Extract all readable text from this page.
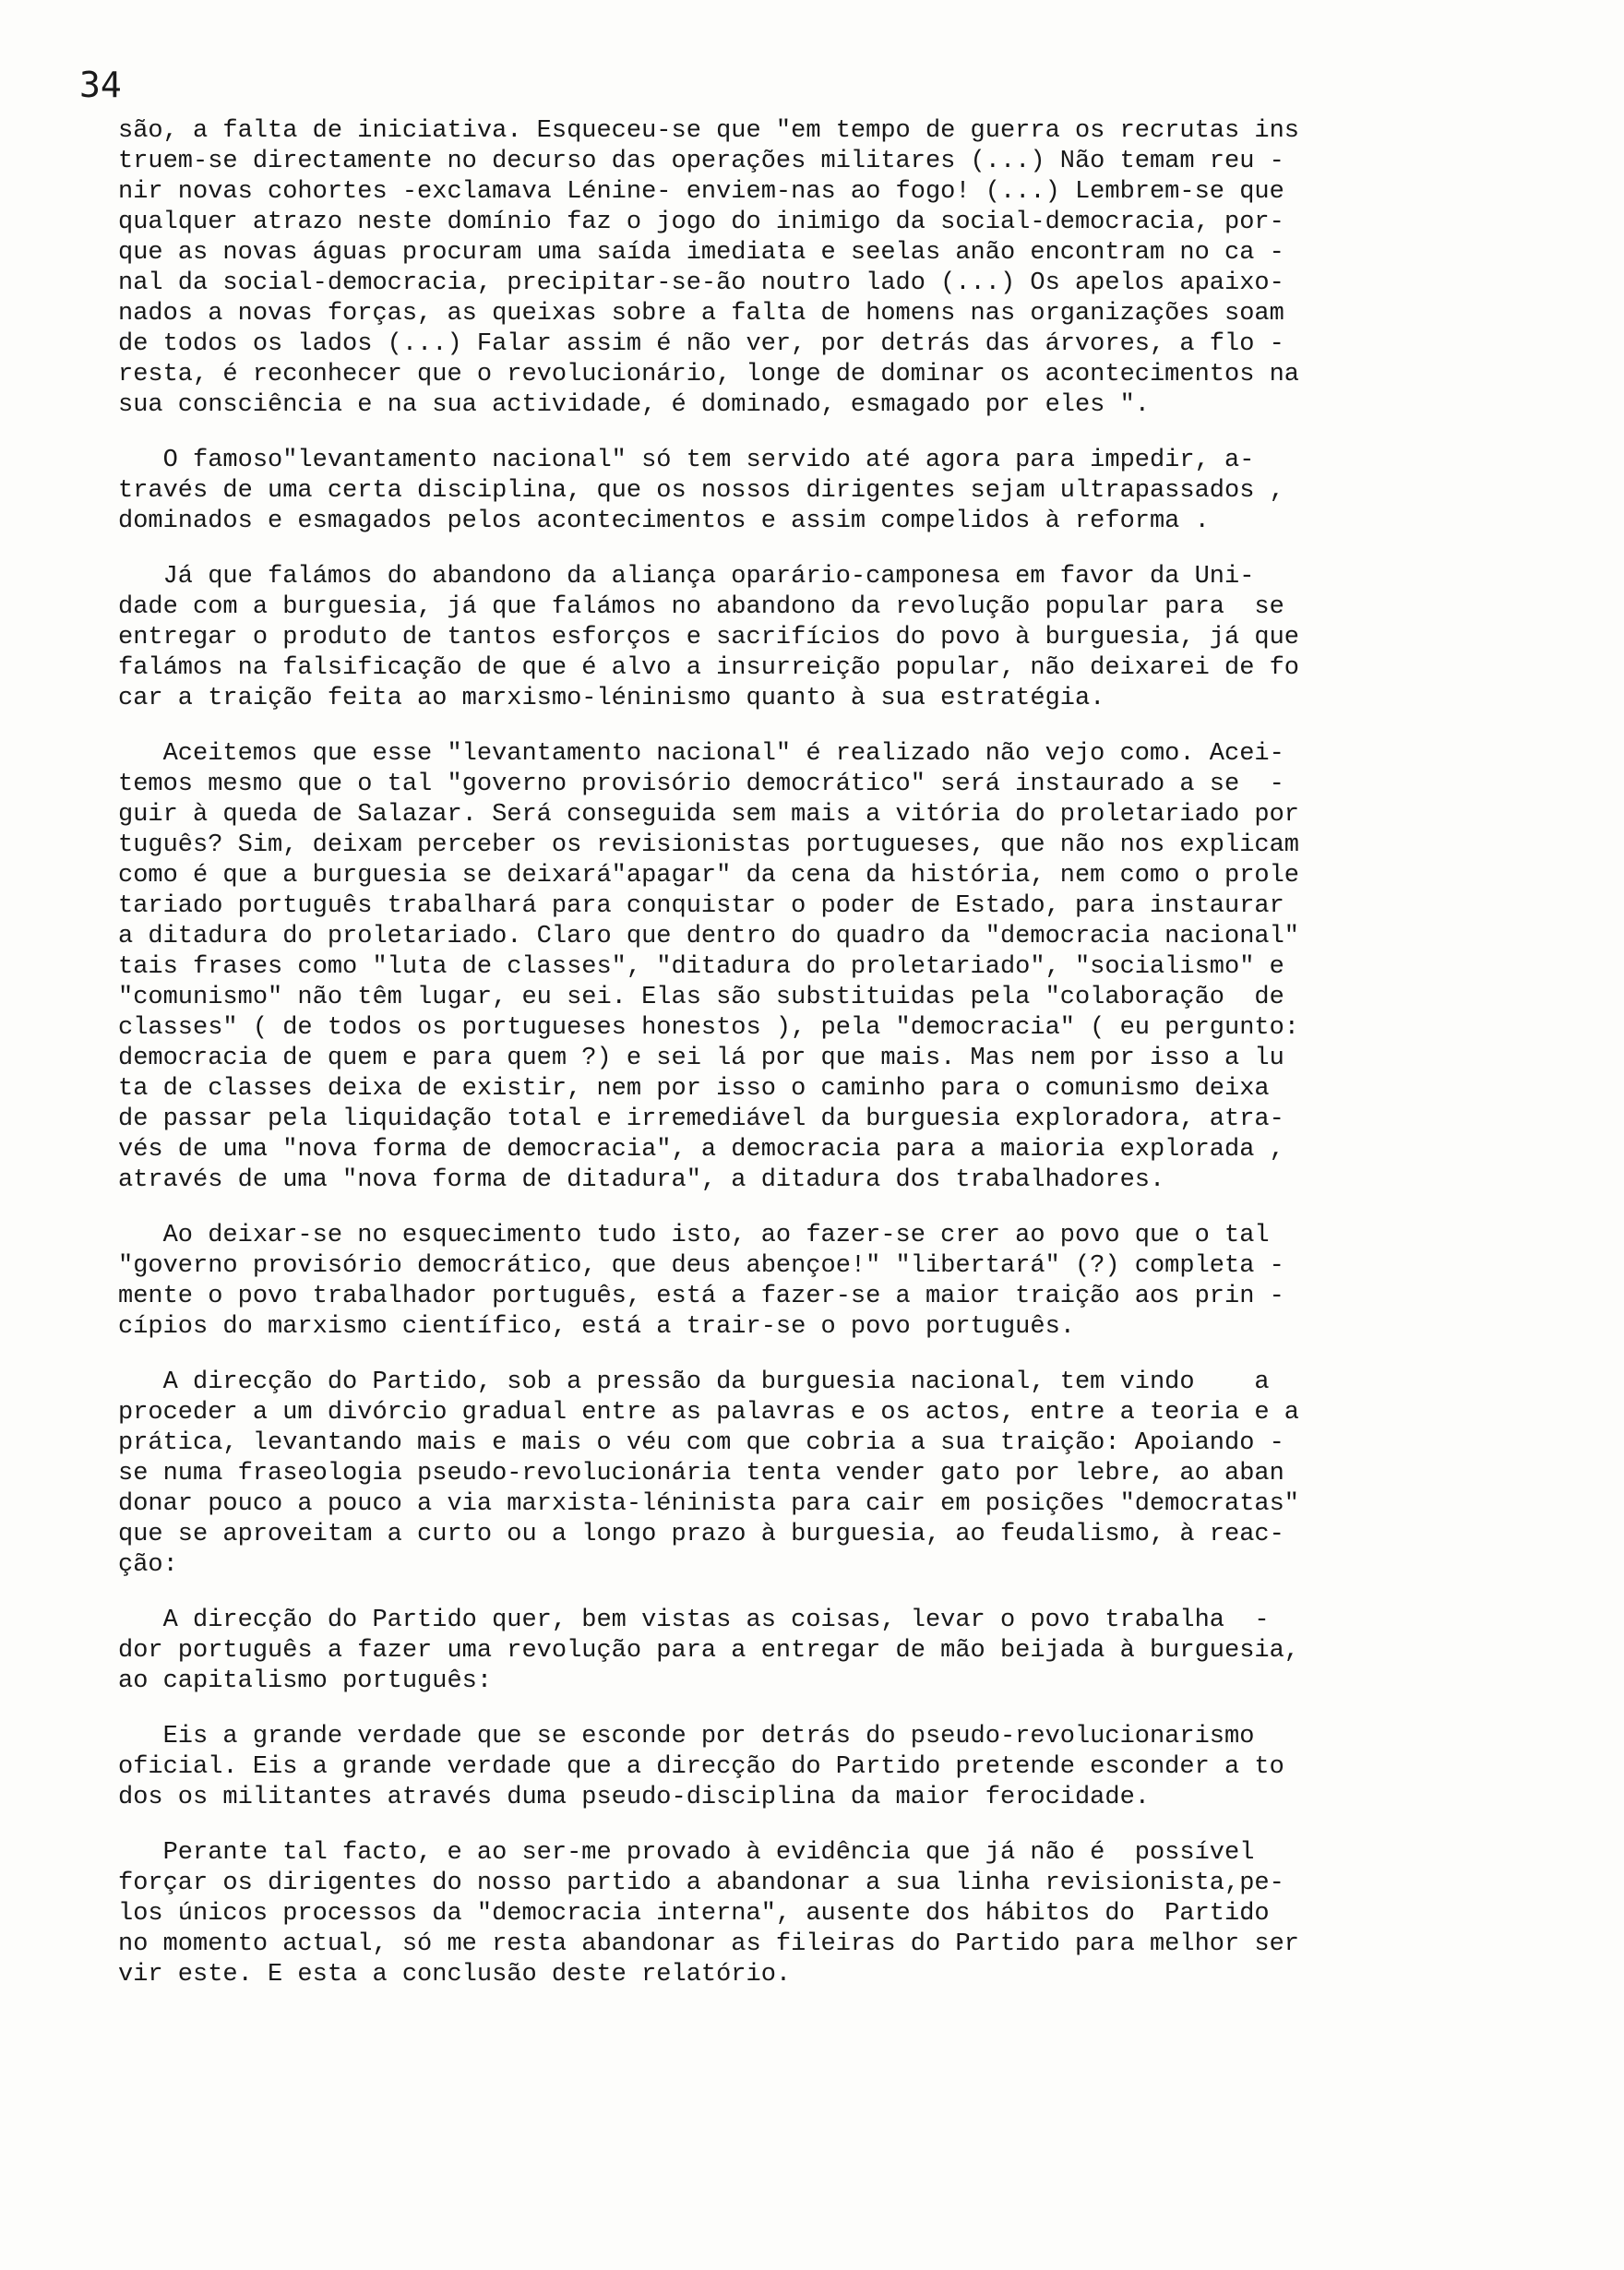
34
são, a falta de iniciativa. Esqueceu-se que "em tempo de guerra os recrutas ins
truem-se directamente no decurso das operações militares (...) Não temam reu -
nir novas cohortes -exclamava Lénine- enviem-nas ao fogo! (...) Lembrem-se que
qualquer atrazo neste domínio faz o jogo do inimigo da social-democracia, por-
que as novas águas procuram uma saída imediata e seelas anão encontram no ca -
nal da social-democracia, precipitar-se-ão noutro lado (...) Os apelos apaixo-
nados a novas forças, as queixas sobre a falta de homens nas organizações soam
de todos os lados (...) Falar assim é não ver, por detrás das árvores, a flo -
resta, é reconhecer que o revolucionário, longe de dominar os acontecimentos na
sua consciência e na sua actividade, é dominado, esmagado por eles ".
O famoso"levantamento nacional" só tem servido até agora para impedir, a-
través de uma certa disciplina, que os nossos dirigentes sejam ultrapassados ,
dominados e esmagados pelos acontecimentos e assim compelidos à reforma .
Já que falámos do abandono da aliança oparário-camponesa em favor da Uni-
dade com a burguesia, já que falámos no abandono da revolução popular para  se
entregar o produto de tantos esforços e sacrifícios do povo à burguesia, já que
falámos na falsificação de que é alvo a insurreição popular, não deixarei de fo
car a traição feita ao marxismo-léninismo quanto à sua estratégia.
Aceitemos que esse "levantamento nacional" é realizado não vejo como. Acei-
temos mesmo que o tal "governo provisório democrático" será instaurado a se  -
guir à queda de Salazar. Será conseguida sem mais a vitória do proletariado por
tuguês? Sim, deixam perceber os revisionistas portugueses, que não nos explicam
como é que a burguesia se deixará"apagar" da cena da história, nem como o prole
tariado português trabalhará para conquistar o poder de Estado, para instaurar
a ditadura do proletariado. Claro que dentro do quadro da "democracia nacional"
tais frases como "luta de classes", "ditadura do proletariado", "socialismo" e
"comunismo" não têm lugar, eu sei. Elas são substituidas pela "colaboração  de
classes" ( de todos os portugueses honestos ), pela "democracia" ( eu pergunto:
democracia de quem e para quem ?) e sei lá por que mais. Mas nem por isso a lu
ta de classes deixa de existir, nem por isso o caminho para o comunismo deixa
de passar pela liquidação total e irremediável da burguesia exploradora, atra-
vés de uma "nova forma de democracia", a democracia para a maioria explorada ,
através de uma "nova forma de ditadura", a ditadura dos trabalhadores.
Ao deixar-se no esquecimento tudo isto, ao fazer-se crer ao povo que o tal
"governo provisório democrático, que deus abençoe!" "libertará" (?) completa -
mente o povo trabalhador português, está a fazer-se a maior traição aos prin -
cípios do marxismo científico, está a trair-se o povo português.
A direcção do Partido, sob a pressão da burguesia nacional, tem vindo    a
proceder a um divórcio gradual entre as palavras e os actos, entre a teoria e a
prática, levantando mais e mais o véu com que cobria a sua traição: Apoiando -
se numa fraseologia pseudo-revolucionária tenta vender gato por lebre, ao aban
donar pouco a pouco a via marxista-léninista para cair em posições "democratas"
que se aproveitam a curto ou a longo prazo à burguesia, ao feudalismo, à reac-
ção:
A direcção do Partido quer, bem vistas as coisas, levar o povo trabalha  -
dor português a fazer uma revolução para a entregar de mão beijada à burguesia,
ao capitalismo português:
Eis a grande verdade que se esconde por detrás do pseudo-revolucionarismo
oficial. Eis a grande verdade que a direcção do Partido pretende esconder a to
dos os militantes através duma pseudo-disciplina da maior ferocidade.
Perante tal facto, e ao ser-me provado à evidência que já não é  possível
forçar os dirigentes do nosso partido a abandonar a sua linha revisionista,pe-
los únicos processos da "democracia interna", ausente dos hábitos do  Partido
no momento actual, só me resta abandonar as fileiras do Partido para melhor ser
vir este. E esta a conclusão deste relatório.
